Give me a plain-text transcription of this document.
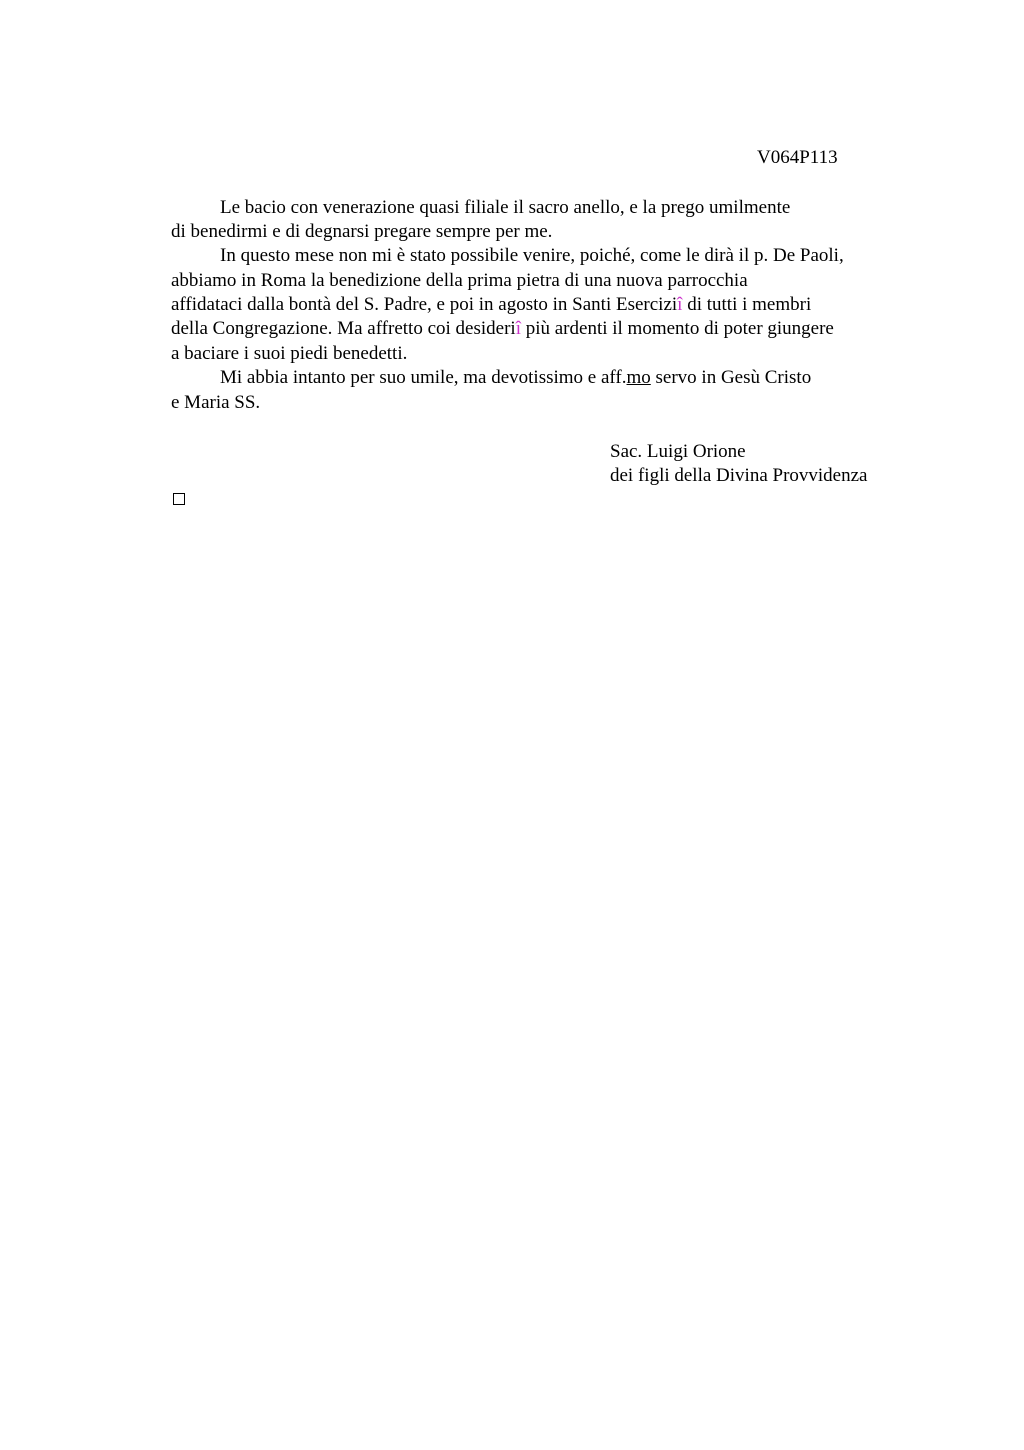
V064P113
Le bacio con venerazione quasi filiale il sacro anello, e la prego umilmente
di benedirmi e di degnarsi pregare sempre per me.
In questo mese non mi è stato possibile venire, poiché, come le dirà il p. De Paoli,
abbiamo in Roma la benedizione della prima pietra di una nuova parrocchia
affidataci dalla bontà del S. Padre, e poi in agosto in Santi Eserciziî di tutti i membri
della Congregazione. Ma affretto coi desideriî più ardenti il momento di poter giungere
a baciare i suoi piedi benedetti.
Mi abbia intanto per suo umile, ma devotissimo e aff.mo servo in Gesù Cristo
e Maria SS.
Sac. Luigi Orione
dei figli della Divina Provvidenza
